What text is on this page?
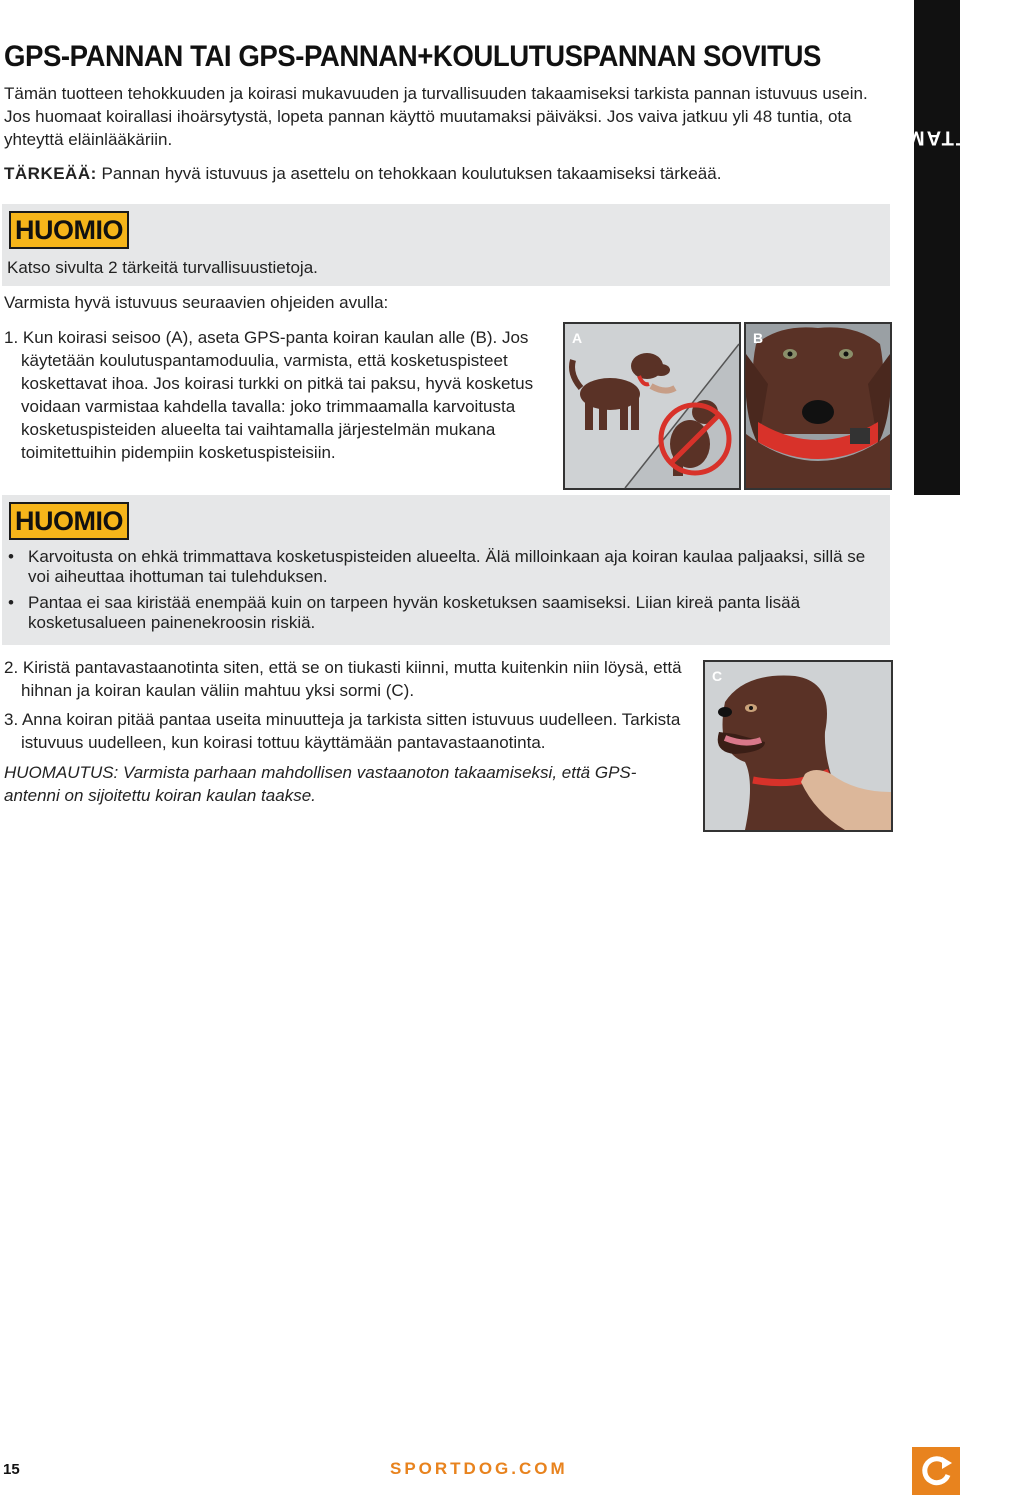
GPS-PANNAN TAI GPS-PANNAN+KOULUTUSPANNAN SOVITUS

Tämän tuotteen tehokkuuden ja koirasi mukavuuden ja turvallisuuden takaamiseksi tarkista pannan istuvuus usein. Jos huomaat koirallasi ihoärsytystä, lopeta pannan käyttö muutamaksi päiväksi. Jos vaiva jatkuu yli 48 tuntia, ota yhteyttä eläinlääkäriin.

TÄRKEÄÄ: Pannan hyvä istuvuus ja asettelu on tehokkaan koulutuksen takaamiseksi tärkeää.

HUOMIO
Katso sivulta 2 tärkeitä turvallisuustietoja.

Varmista hyvä istuvuus seuraavien ohjeiden avulla:

1. Kun koirasi seisoo (A), aseta GPS-panta koiran kaulan alle (B). Jos käytetään koulutuspantamoduulia, varmista, että kosketuspisteet koskettavat ihoa. Jos koirasi turkki on pitkä tai paksu, hyvä kosketus voidaan varmistaa kahdella tavalla: joko trimmaamalla karvoitusta kosketuspisteiden alueelta tai vaihtamalla järjestelmän mukana toimitettuihin pidempiin kosketuspisteisiin.

A	B
HUOMIO
• Karvoitusta on ehkä trimmattava kosketuspisteiden alueelta. Älä milloinkaan aja koiran kaulaa paljaaksi, sillä se voi aiheuttaa ihottuman tai tulehduksen.
• Pantaa ei saa kiristää enempää kuin on tarpeen hyvän kosketuksen saamiseksi. Liian kireä panta lisää kosketusalueen painenekroosin riskiä.

2. Kiristä pantavastaanotinta siten, että se on tiukasti kiinni, mutta kuitenkin niin löysä, että hihnan ja koiran kaulan väliin mahtuu yksi sormi (C).

3. Anna koiran pitää pantaa useita minuutteja ja tarkista sitten istuvuus uudelleen. Tarkista istuvuus uudelleen, kun koirasi tottuu käyttämään pantavastaanotinta.

HUOMAUTUS: Varmista parhaan mahdollisen vastaanoton takaamiseksi, että GPS-antenni on sijoitettu koiran kaulan taakse.

C
ALOITTAMINEN
15	SPORTDOG.COM
